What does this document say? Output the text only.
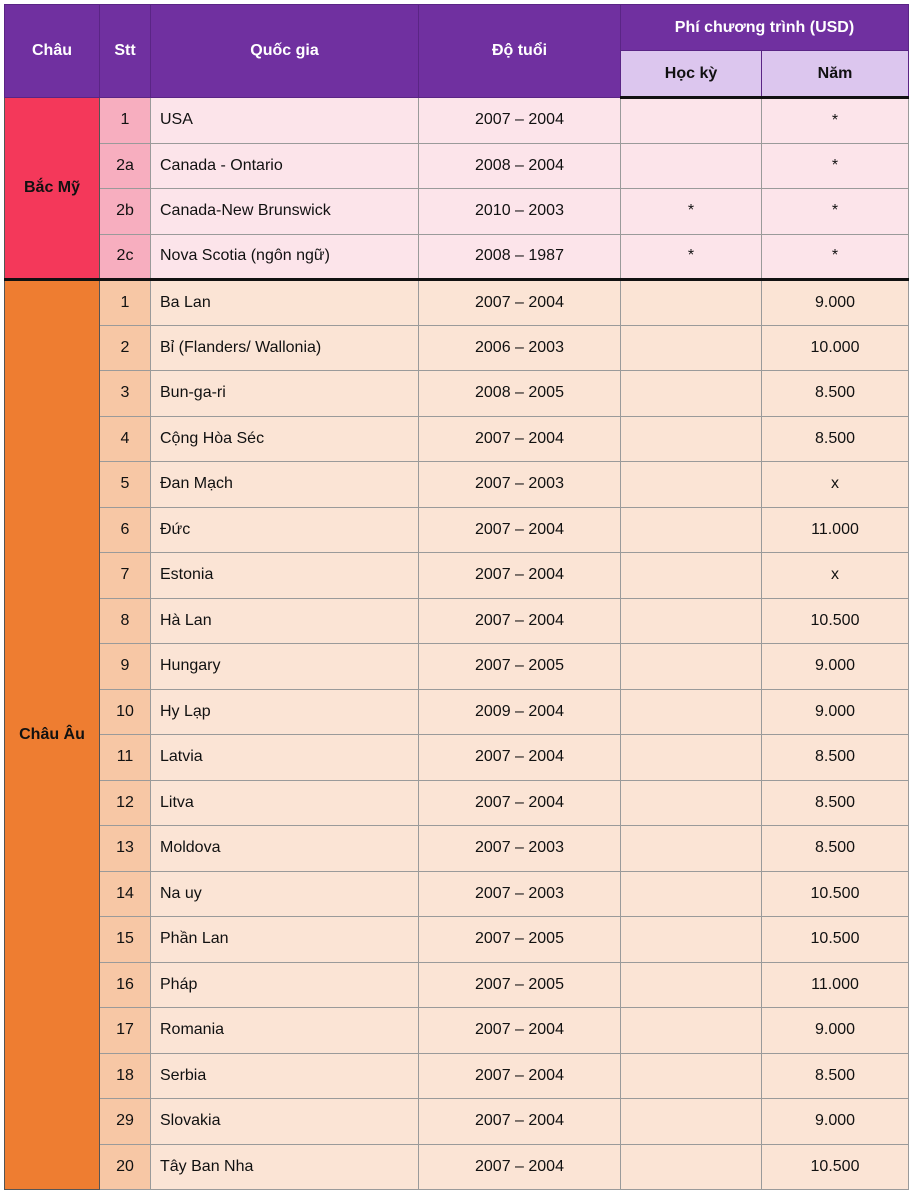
Châu	Stt	Quốc gia	Độ tuổi	Phí chương trình (USD)	
				Học kỳ	Năm
Bắc Mỹ	1	USA	2007 – 2004		*
	2a	Canada - Ontario	2008 – 2004		*
	2b	Canada-New Brunswick	2010 – 2003	*	*
	2c	Nova Scotia (ngôn ngữ)	2008 – 1987	*	*
Châu Âu	1	Ba Lan	2007 – 2004		9.000
	2	Bỉ (Flanders/ Wallonia)	2006 – 2003		10.000
	3	Bun-ga-ri	2008 – 2005		8.500
	4	Cộng Hòa Séc	2007 – 2004		8.500
	5	Đan Mạch	2007 – 2003		x
	6	Đức	2007 – 2004		11.000
	7	Estonia	2007 – 2004		x
	8	Hà Lan	2007 – 2004		10.500
	9	Hungary	2007 – 2005		9.000
	10	Hy Lạp	2009 – 2004		9.000
	11	Latvia	2007 – 2004		8.500
	12	Litva	2007 – 2004		8.500
	13	Moldova	2007 – 2003		8.500
	14	Na uy	2007 – 2003		10.500
	15	Phần Lan	2007 – 2005		10.500
	16	Pháp	2007 – 2005		11.000
	17	Romania	2007 – 2004		9.000
	18	Serbia	2007 – 2004		8.500
	29	Slovakia	2007 – 2004		9.000
	20	Tây Ban Nha	2007 – 2004		10.500
